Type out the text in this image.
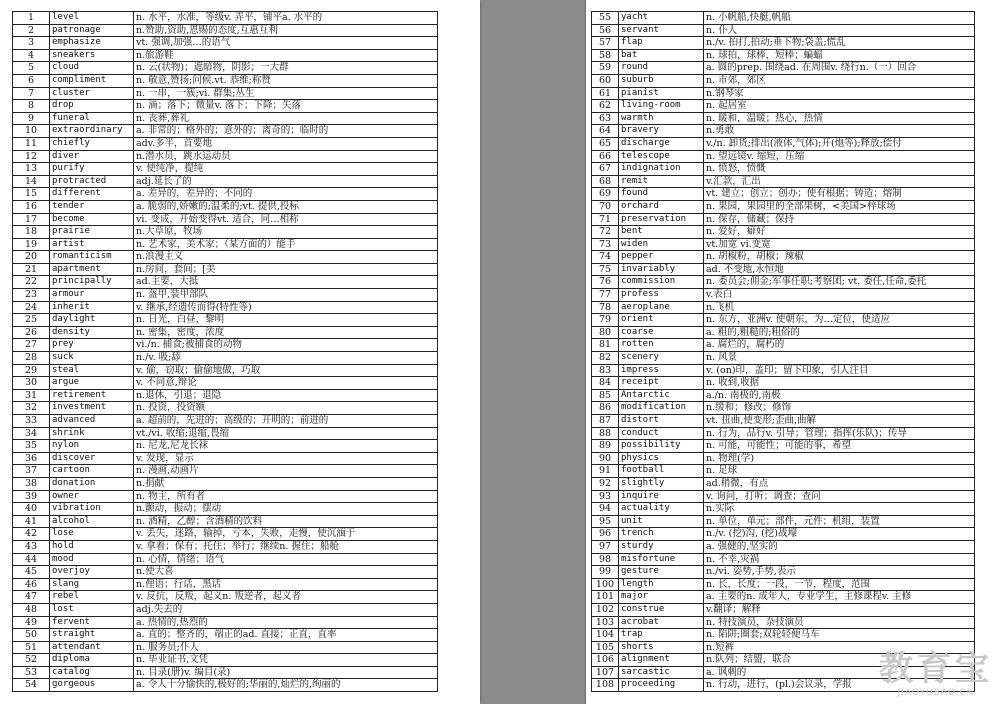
1	level	n. 水平，水准，等级v. 弄平，铺平a. 水平的
2	patronage	n.赞助,资助,恩赐的态度,互惠互利
3	emphasize	vt. 强调,加强…的语气
4	sneakers	n.旅游鞋
5	cloud	n. 云(状物)；遮暗物，阴影；一大群
6	compliment	n. 敬意,赞扬;问候.vt. 恭维;称赞
7	cluster	n. 一串，一簇;vi. 群集;丛生
8	drop	n. 滴；落下；微量v. 落下；下降；失落
9	funeral	n. 丧葬,葬礼
10	extraordinary	a. 非常的；格外的；意外的；离奇的；临时的
11	chiefly	adv.多半，首要地
12	diver	n.潜水员，跳水运动员
13	purify	v. 使纯净，提纯
14	protracted	adj.延长了的
15	different	a. 差异的，差异的；不同的
16	tender	a. 脆弱的,娇嫩的;温柔的;vt. 提供,投标
17	become	vi. 变成，开始变得vt. 适合，同…相称
18	prairie	n.大草原，牧场
19	artist	n. 艺术家，美术家；（某方面的）能手
20	romanticism	n.浪漫主义
21	apartment	n.房间，套间；[美
22	principally	ad.主要，大抵
23	armour	n. 盔甲,装甲部队
24	inherit	v. 继承,经遗传而得(特性等)
25	daylight	n. 日光，白昼，黎明
26	density	n. 密集，密度，浓度
27	prey	vi./n. 捕食;被捕食的动物
28	suck	n./v. 吸;舔
29	steal	v. 偷，窃取；偷偷地做，巧取
30	argue	v. 不同意,辩论
31	retirement	n.退休，引退；退隐
32	investment	n. 投资，投资额
33	advanced	a. 超前的，先进的；高级的；开明的；前进的
34	shrink	vt./vi. 收缩;退缩,畏缩
35	nylon	n. 尼龙,尼龙长袜
36	discover	v. 发现，显示
37	cartoon	n. 漫画,动画片
38	donation	n.捐献
39	owner	n. 物主，所有者
40	vibration	n.颤动，振动；摆动
41	alcohol	n. 酒精，乙醇；含酒精的饮料
42	lose	v. 丢失，迷路，输掉，亏本，失败，走慢，使沉湎于
43	hold	v. 拿着；保有；托住；举行；继续n. 握住；船舱
44	mood	n. 心情，情绪；语气
45	overjoy	n.使大喜
46	slang	n.俚语；行话，黑话
47	rebel	v. 反抗，反叛，起义n. 叛逆者，起义者
48	lost	adj.失去的
49	fervent	a. 热情的,热烈的
50	straight	a. 直的；整齐的，端正的ad. 直接；正直，直率
51	attendant	n. 服务员;仆人
52	diploma	n. 毕业证书,文凭
53	catalog	n. 目录(册)v. 编目(录)
54	gorgeous	a. 令人十分愉快的,极好的;华丽的,灿烂的,绚丽的
55	yacht	n. 小帆船,快艇,帆船
56	servant	n. 仆人
57	flap	n./v. 拍打,拍动;垂下物;袋盖;慌乱
58	bat	n. 球拍，球棒，短棒；蝙蝠
59	round	a. 圆的prep. 围绕ad. 在周围v. 绕行n.（一）回合
60	suburb	n. 市郊，郊区
61	pianist	n.钢琴家
62	living-room	n. 起居室
63	warmth	n. 暖和，温暖；热心，热情
64	bravery	n.勇敢
65	discharge	v./n. 卸货;排出(液体,气体);开(炮等);释放;偿付
66	telescope	n. 望远镜v. 缩短，压缩
67	indignation	n. 愤怒，愤慨
68	remit	v.汇款，汇出
69	found	vt. 建立；创立；创办；使有根据；铸造；熔制
70	orchard	n. 果园，果园里的全部果树，<美国>梓球场
71	preservation	n. 保存，储藏；保持
72	bent	n. 爱好，癖好
73	widen	vt.加宽 vi.变宽
74	pepper	n. 胡椒粉，胡椒；辣椒
75	invariably	ad. 不变地,永恒地
76	commission	n. 委员会;佣金;军事任职;考察团; vt. 委任,任命,委托
77	profess	v.表白
78	aeroplane	n.飞机
79	orient	n. 东方，亚洲v. 使朝东，为…定位，使适应
80	coarse	a. 粗的,粗糙的;粗俗的
81	rotten	a. 腐烂的，腐朽的
82	scenery	n. 风景
83	impress	v. (on)印，盖印；留下印象，引人注目
84	receipt	n. 收到,收据
85	Antarctic	a./n. 南极的,南极
86	modification	n.缓和；修改；修饰
87	distort	vt. 扭曲,使变形;歪曲,曲解
88	conduct	n. 行为，品行v. 引导；管理；指挥(乐队)；传导
89	possibility	n. 可能，可能性；可能的事，希望
90	physics	n. 物理(学)
91	football	n. 足球
92	slightly	ad.稍微，有点
93	inquire	v. 询问，打听；调查；查问
94	actuality	n.实际
95	unit	n. 单位，单元；部件，元件；机组，装置
96	trench	n./v. (挖)沟, (挖)战壕
97	sturdy	a. 强健的,坚实的
98	misfortune	n. 不幸,灾祸
99	gesture	n./vi. 姿势,手势,表示
100	length	n. 长，长度；一段，一节，程度，范围
101	major	a. 主要的n. 成年人，专业学生，主修课程v. 主修
102	construe	v.翻译；解释
103	acrobat	n. 特技演员，杂技演员
104	trap	n. 陷阱;圈套;双轮轻便马车
105	shorts	n.短裤
106	alignment	n.队列；结盟，联合
107	sarcastic	a. 讽刺的
108	proceeding	n. 行动，进行，(pl.)会议录，学报 教育宝
JIAOYUBAO.CN
